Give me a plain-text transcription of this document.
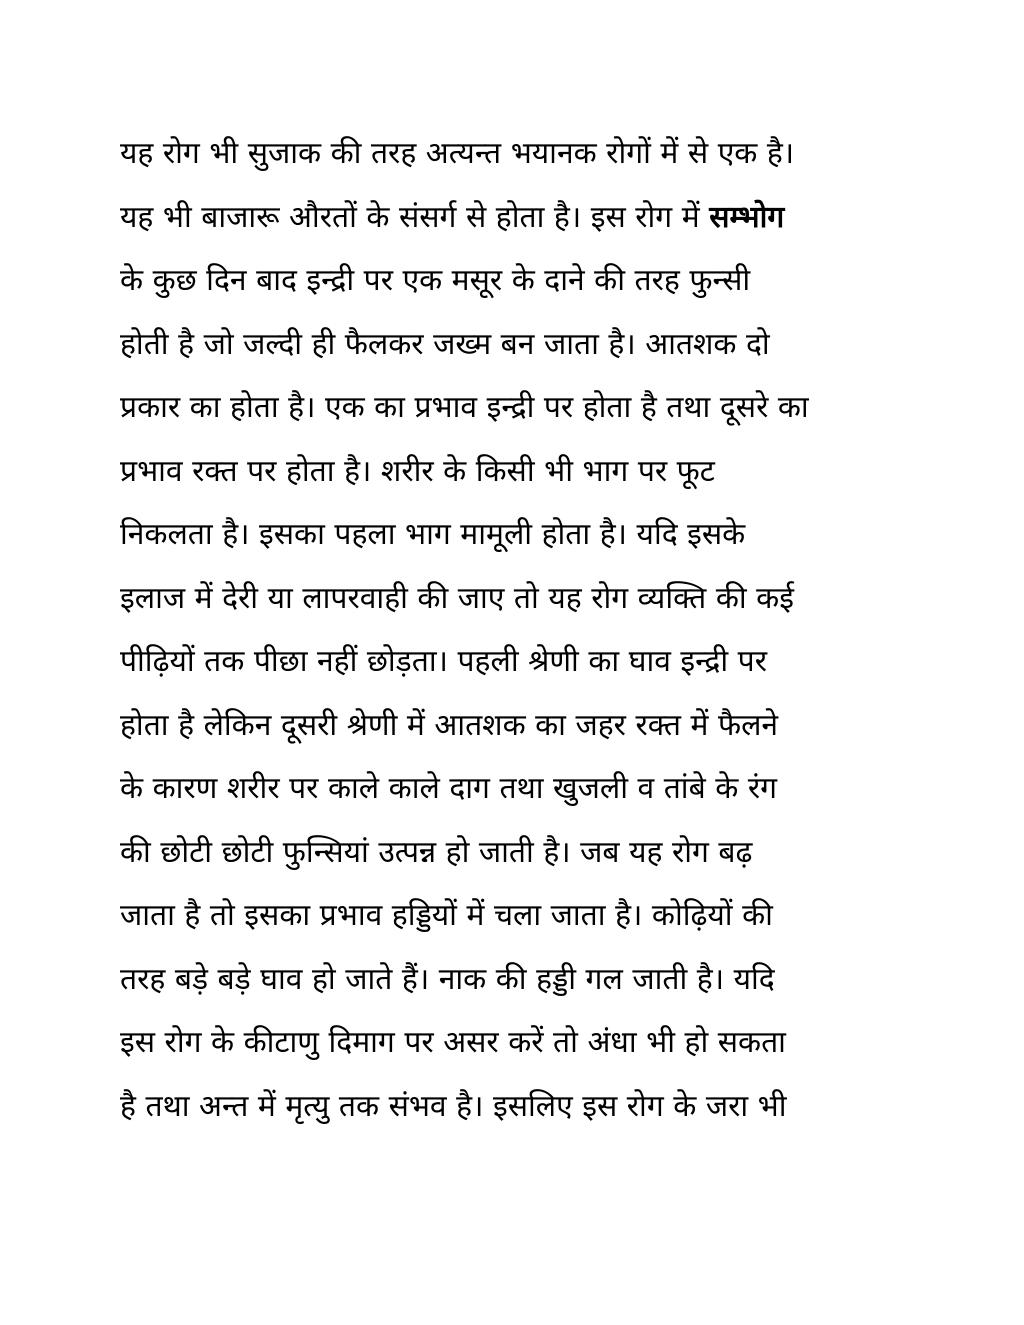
यह रोग भी सुजाक की तरह अत्यन्त भयानक रोगों में से एक है।
यह भी बाजारू औरतों के संसर्ग से होता है। इस रोग में सम्भोग
के कुछ दिन बाद इन्द्री पर एक मसूर के दाने की तरह फुन्सी
होती है जो जल्दी ही फैलकर जख्म बन जाता है। आतशक दो
प्रकार का होता है। एक का प्रभाव इन्द्री पर होता है तथा दूसरे का
प्रभाव रक्त पर होता है। शरीर के किसी भी भाग पर फूट
निकलता है। इसका पहला भाग मामूली होता है। यदि इसके
इलाज में देरी या लापरवाही की जाए तो यह रोग व्यक्ति की कई
पीढ़ियों तक पीछा नहीं छोड़ता। पहली श्रेणी का घाव इन्द्री पर
होता है लेकिन दूसरी श्रेणी में आतशक का जहर रक्त में फैलने
के कारण शरीर पर काले काले दाग तथा खुजली व तांबे के रंग
की छोटी छोटी फुन्सियां उत्पन्न हो जाती है। जब यह रोग बढ़
जाता है तो इसका प्रभाव हड्डियों में चला जाता है। कोढ़ियों की
तरह बड़े बड़े घाव हो जाते हैं। नाक की हड्डी गल जाती है। यदि
इस रोग के कीटाणु दिमाग पर असर करें तो अंधा भी हो सकता
है तथा अन्त में मृत्यु तक संभव है। इसलिए इस रोग के जरा भी
